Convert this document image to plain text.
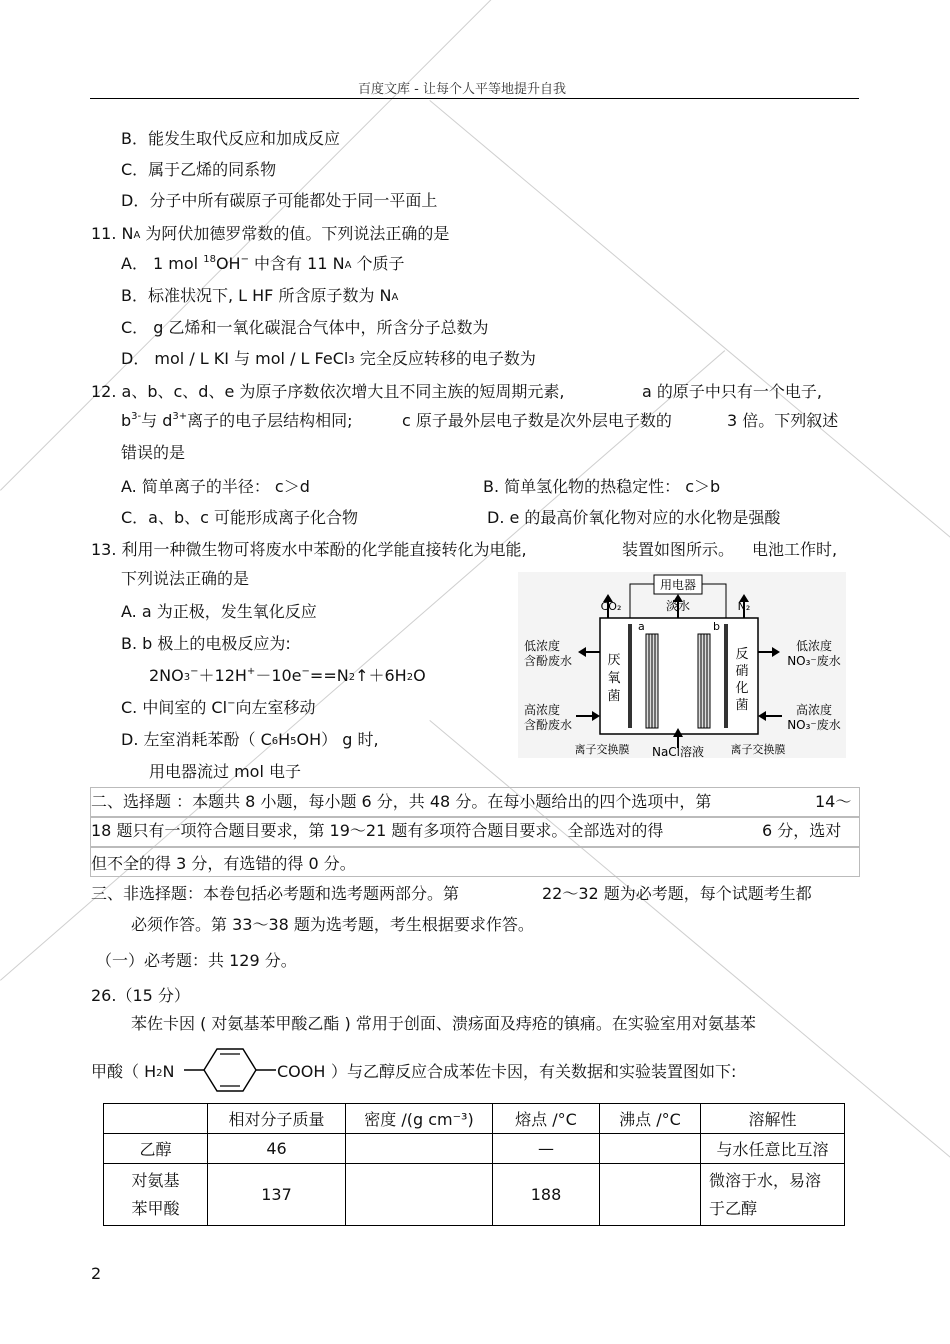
百度文库 - 让每个人平等地提升自我
B．能发生取代反应和加成反应
C．属于乙烯的同系物
D．分子中所有碳原子可能都处于同一平面上
11. $N_A$ 为阿伏加德罗常数的值。下列说法正确的是
A． 1 mol $^{18}$OH− 中含有 11 $N_A$ 个质子
B．标准状况下, L HF 所含原子数为 $N_A$
C． g 乙烯和一氧化碳混合气体中，所含分子总数为
D． mol / L KI 与 mol / L FeCl$_3$ 完全反应转移的电子数为
12. a、b、c、d、e 为原子序数依次增大且不同主族的短周期元素,	a 的原子中只有一个电子,
$b^{3-}$与 $d^{3+}$离子的电子层结构相同;	c 原子最外层电子数是次外层电子数的	3 倍。下列叙述
错误的是
A. 简单离子的半径： c＞d	B. 简单氢化物的热稳定性： c＞b
C．a、b、c 可能形成离子化合物	D. e 的最高价氧化物对应的水化物是强酸
13. 利用一种微生物可将废水中苯酚的化学能直接转化为电能,	装置如图所示。 电池工作时,
下列说法正确的是
A. a 为正极，发生氧化反应
B. b 极上的电极反应为:
$2NO_3^-+12H^+-10e^-==N_2↑+6H_2O$
C. 中间室的 Cl−向左室移动
D. 左室消耗苯酚（ $C_6H_5OH$） g 时,
用电器流过 mol 电子
用电器
CO₂	淡水	N₂
a	b
低浓度
含酚废水
高浓度
含酚废水
低浓度
NO₃⁻废水
高浓度
NO₃⁻废水
厌
氧
菌
反
硝
化
菌
离子交换膜 NaCl溶液 离子交换膜
二、选择题 ：本题共 8 小题，每小题 6 分，共 48 分。在每小题给出的四个选项中，第	14～
18 题只有一项符合题目要求，第 19～21 题有多项符合题目要求。全部选对的得	6 分，选对
但不全的得 3 分，有选错的得 0 分。
三、非选择题：本卷包括必考题和选考题两部分。第	22～32 题为必考题，每个试题考生都
必须作答。第 33～38 题为选考题，考生根据要求作答。
（一）必考题：共 129 分。
26.（15 分）
苯佐卡因 ( 对氨基苯甲酸乙酯 ) 常用于创面、溃疡面及痔疮的镇痛。在实验室用对氨基苯
甲酸（ $H_2N$	COOH ）与乙醇反应合成苯佐卡因，有关数据和实验装置图如下:
	相对分子质量	密度 /(g cm⁻³)	熔点 /°C	沸点 /°C	溶解性
乙醇	46		—		与水任意比互溶
对氨基
苯甲酸	137		188		微溶于水，易溶
于乙醇
2
